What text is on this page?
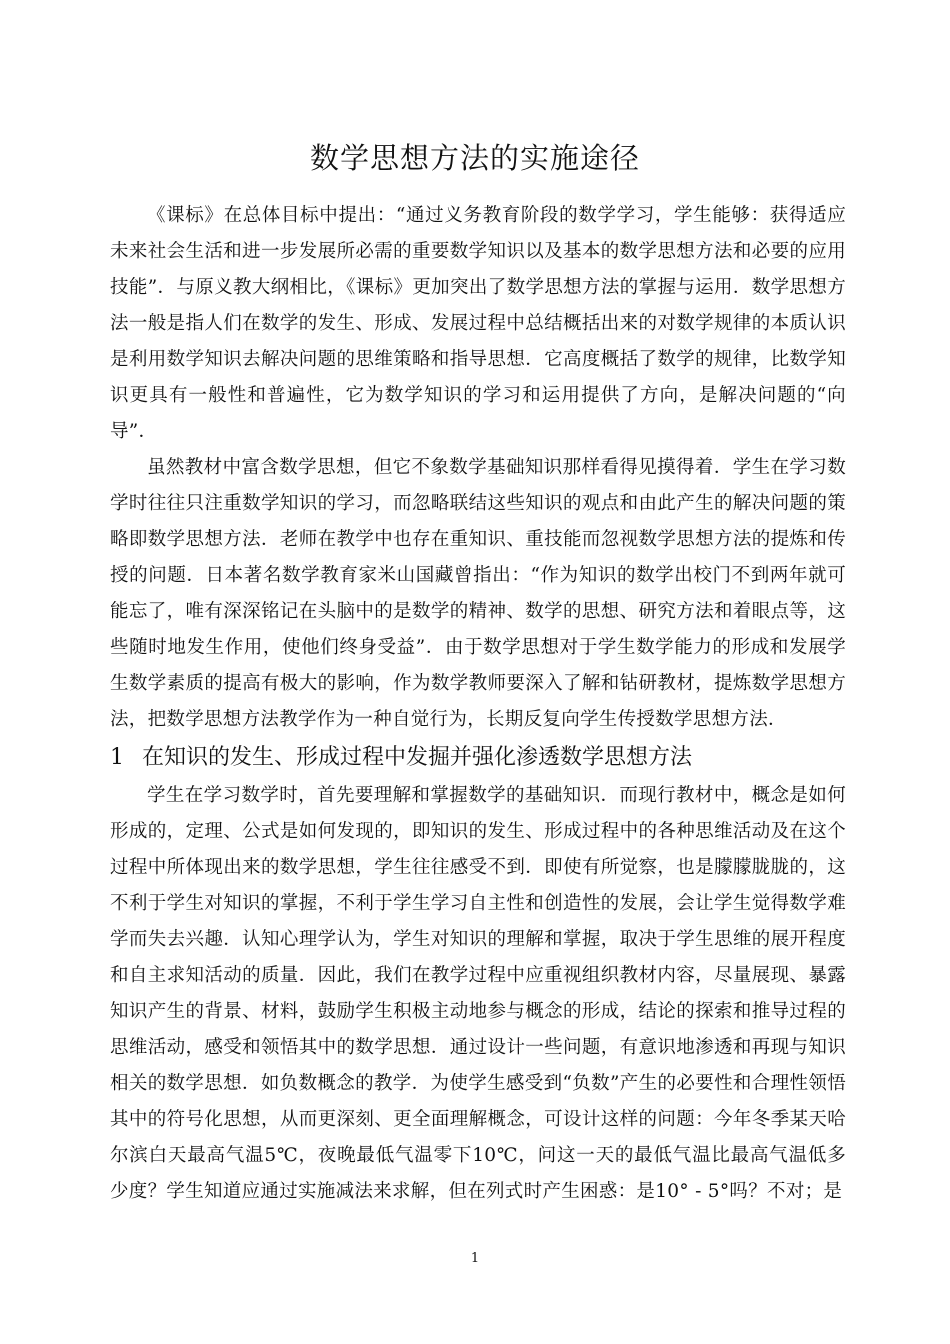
数学思想方法的实施途径

《课标》在总体目标中提出：“通过义务教育阶段的数学学习，学生能够：获得适应未来社会生活和进一步发展所必需的重要数学知识以及基本的数学思想方法和必要的应用技能”．与原义教大纲相比，《课标》更加突出了数学思想方法的掌握与运用．数学思想方法一般是指人们在数学的发生、形成、发展过程中总结概括出来的对数学规律的本质认识是利用数学知识去解决问题的思维策略和指导思想．它高度概括了数学的规律，比数学知识更具有一般性和普遍性，它为数学知识的学习和运用提供了方向，是解决问题的“向导”．

虽然教材中富含数学思想，但它不象数学基础知识那样看得见摸得着．学生在学习数学时往往只注重数学知识的学习，而忽略联结这些知识的观点和由此产生的解决问题的策略即数学思想方法．老师在教学中也存在重知识、重技能而忽视数学思想方法的提炼和传授的问题．日本著名数学教育家米山国藏曾指出：“作为知识的数学出校门不到两年就可能忘了，唯有深深铭记在头脑中的是数学的精神、数学的思想、研究方法和着眼点等，这些随时地发生作用，使他们终身受益”．由于数学思想对于学生数学能力的形成和发展学生数学素质的提高有极大的影响，作为数学教师要深入了解和钻研教材，提炼数学思想方法，把数学思想方法教学作为一种自觉行为，长期反复向学生传授数学思想方法．

1 在知识的发生、形成过程中发掘并强化渗透数学思想方法

学生在学习数学时，首先要理解和掌握数学的基础知识．而现行教材中，概念是如何形成的，定理、公式是如何发现的，即知识的发生、形成过程中的各种思维活动及在这个过程中所体现出来的数学思想，学生往往感受不到．即使有所觉察，也是朦朦胧胧的，这不利于学生对知识的掌握，不利于学生学习自主性和创造性的发展，会让学生觉得数学难学而失去兴趣．认知心理学认为，学生对知识的理解和掌握，取决于学生思维的展开程度和自主求知活动的质量．因此，我们在教学过程中应重视组织教材内容，尽量展现、暴露知识产生的背景、材料，鼓励学生积极主动地参与概念的形成，结论的探索和推导过程的思维活动，感受和领悟其中的数学思想．通过设计一些问题，有意识地渗透和再现与知识相关的数学思想．如负数概念的教学．为使学生感受到“负数”产生的必要性和合理性领悟其中的符号化思想，从而更深刻、更全面理解概念，可设计这样的问题：今年冬季某天哈尔滨白天最高气温5℃，夜晚最低气温零下10℃，问这一天的最低气温比最高气温低多少度？学生知道应通过实施减法来求解，但在列式时产生困惑：是10° - 5°吗？不对；是

1
